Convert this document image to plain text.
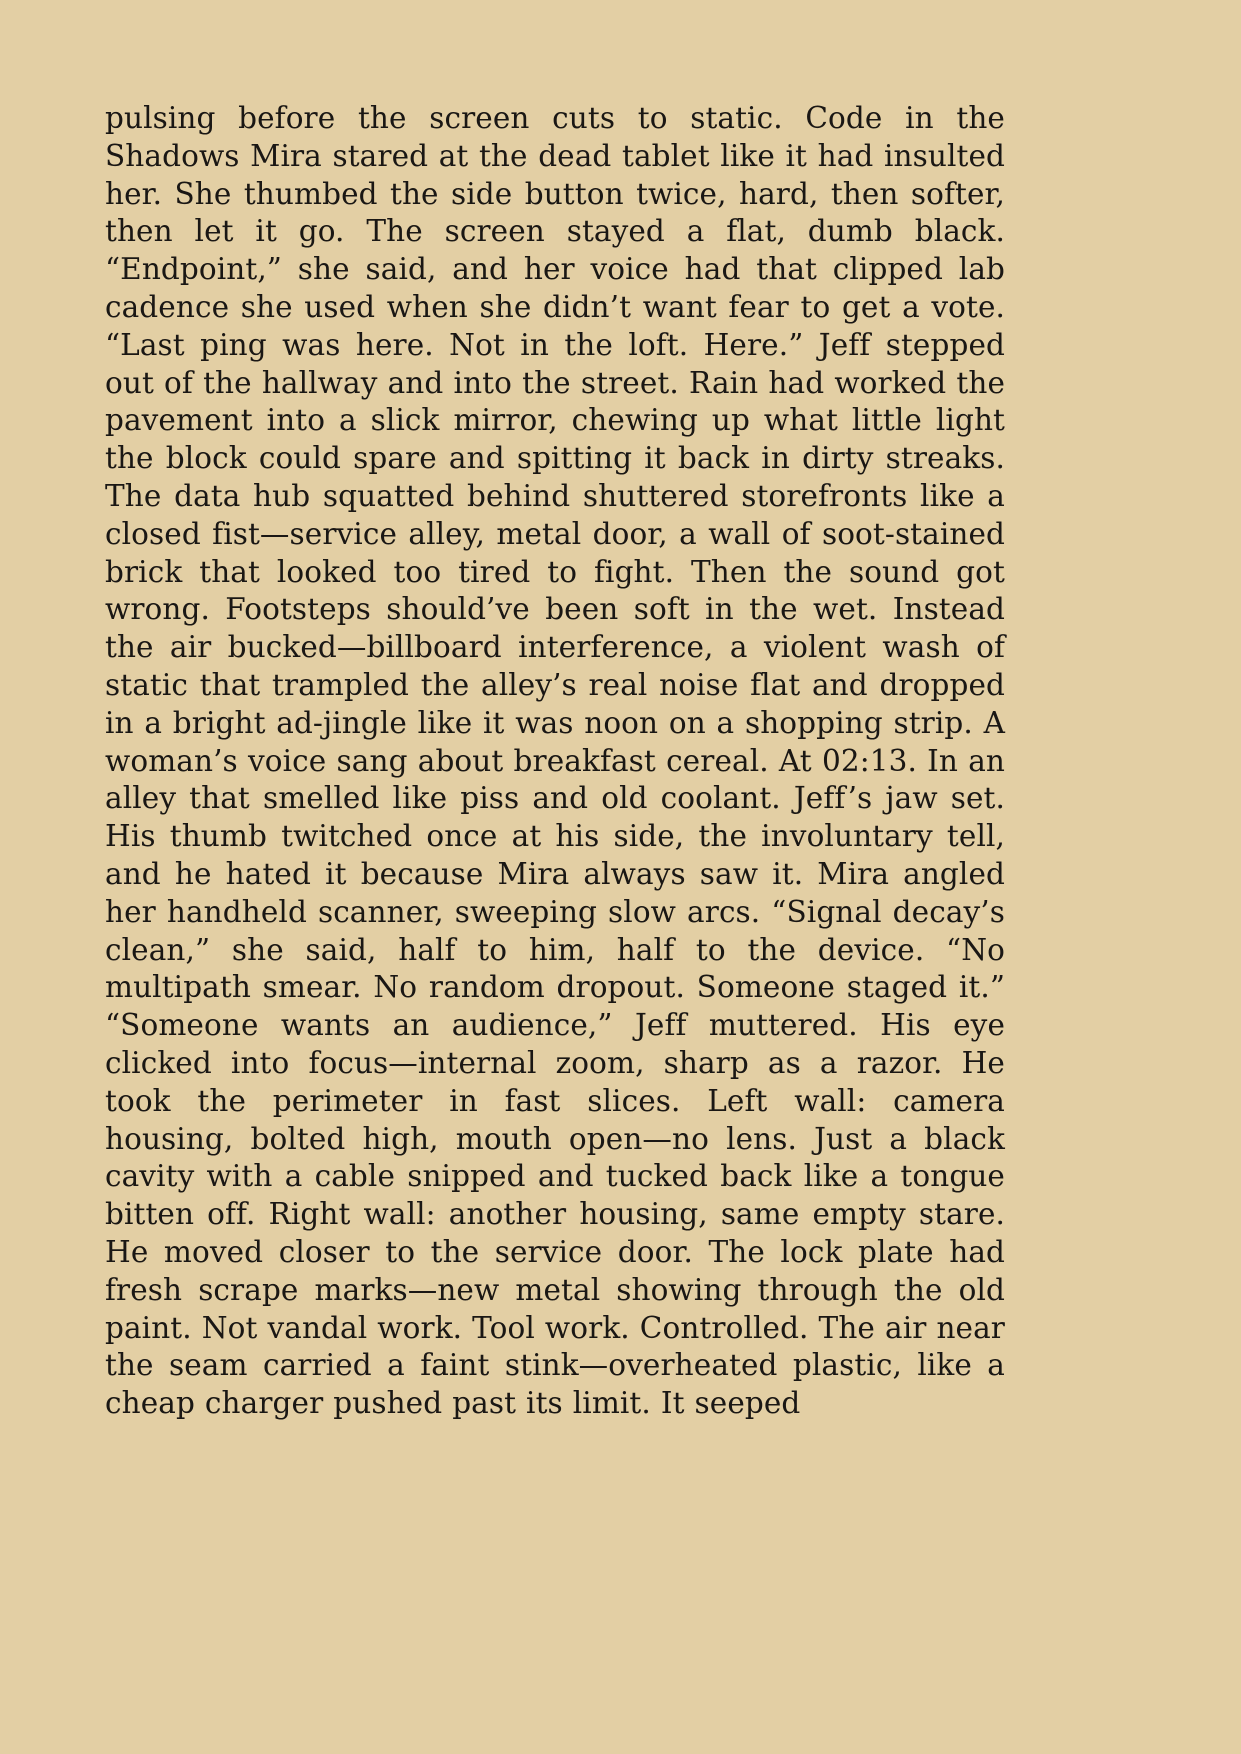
pulsing before the screen cuts to static. Code in the Shadows Mira stared at the dead tablet like it had insulted her. She thumbed the side button twice, hard, then softer, then let it go. The screen stayed a flat, dumb black. “Endpoint,” she said, and her voice had that clipped lab cadence she used when she didn’t want fear to get a vote. “Last ping was here. Not in the loft. Here.” Jeff stepped out of the hallway and into the street. Rain had worked the pavement into a slick mirror, chewing up what little light the block could spare and spitting it back in dirty streaks. The data hub squatted behind shuttered storefronts like a closed fist—service alley, metal door, a wall of soot-stained brick that looked too tired to fight. Then the sound got wrong. Footsteps should’ve been soft in the wet. Instead the air bucked—billboard interference, a violent wash of static that trampled the alley’s real noise flat and dropped in a bright ad-jingle like it was noon on a shopping strip. A woman’s voice sang about breakfast cereal. At 02:13. In an alley that smelled like piss and old coolant. Jeff’s jaw set. His thumb twitched once at his side, the involuntary tell, and he hated it because Mira always saw it. Mira angled her handheld scanner, sweeping slow arcs. “Signal decay’s clean,” she said, half to him, half to the device. “No multipath smear. No random dropout. Someone staged it.” “Someone wants an audience,” Jeff muttered. His eye clicked into focus—internal zoom, sharp as a razor. He took the perimeter in fast slices. Left wall: camera housing, bolted high, mouth open—no lens. Just a black cavity with a cable snipped and tucked back like a tongue bitten off. Right wall: another housing, same empty stare. He moved closer to the service door. The lock plate had fresh scrape marks—new metal showing through the old paint. Not vandal work. Tool work. Controlled. The air near the seam carried a faint stink—overheated plastic, like a cheap charger pushed past its limit. It seeped
